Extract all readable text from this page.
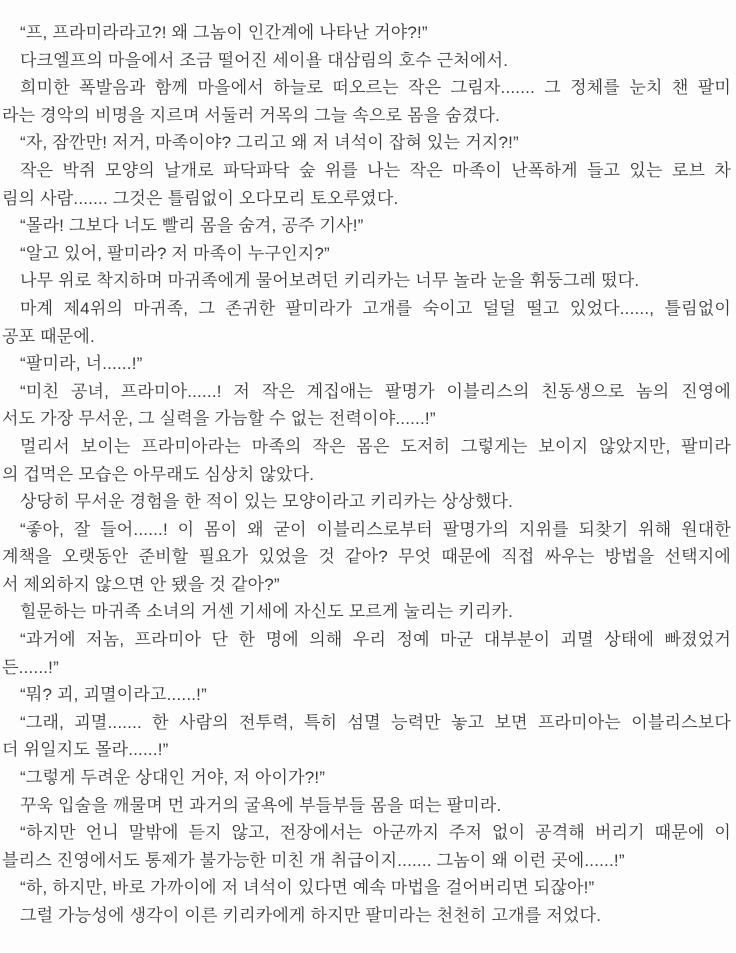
“프, 프라미라라고?! 왜 그놈이 인간계에 나타난 거야?!”
다크엘프의 마을에서 조금 떨어진 세이욜 대삼림의 호수 근처에서.
희미한 폭발음과 함께 마을에서 하늘로 떠오르는 작은 그림자....... 그 정체를 눈치 챈 팔미
라는 경악의 비명을 지르며 서둘러 거목의 그늘 속으로 몸을 숨겼다.
“자, 잠깐만! 저거, 마족이야? 그리고 왜 저 녀석이 잡혀 있는 거지?!”
작은 박쥐 모양의 날개로 파닥파닥 숲 위를 나는 작은 마족이 난폭하게 들고 있는 로브 차
림의 사람....... 그것은 틀림없이 오다모리 토오루였다.
“몰라! 그보다 너도 빨리 몸을 숨겨, 공주 기사!”
“알고 있어, 팔미라? 저 마족이 누구인지?”
나무 위로 착지하며 마귀족에게 물어보려던 키리카는 너무 놀라 눈을 휘둥그레 떴다.
마계 제4위의 마귀족, 그 존귀한 팔미라가 고개를 숙이고 덜덜 떨고 있었다......, 틀림없이
공포 때문에.
“팔미라, 너......!”
“미친 공녀, 프라미아......! 저 작은 계집애는 팔명가 이블리스의 친동생으로 놈의 진영에
서도 가장 무서운, 그 실력을 가늠할 수 없는 전력이야......!”
멀리서 보이는 프라미아라는 마족의 작은 몸은 도저히 그렇게는 보이지 않았지만, 팔미라
의 겁먹은 모습은 아무래도 심상치 않았다.
상당히 무서운 경험을 한 적이 있는 모양이라고 키리카는 상상했다.
“좋아, 잘 들어......! 이 몸이 왜 굳이 이블리스로부터 팔명가의 지위를 되찾기 위해 원대한
계책을 오랫동안 준비할 필요가 있었을 것 같아? 무엇 때문에 직접 싸우는 방법을 선택지에
서 제외하지 않으면 안 됐을 것 같아?”
힐문하는 마귀족 소녀의 거센 기세에 자신도 모르게 눌리는 키리카.
“과거에 저놈, 프라미아 단 한 명에 의해 우리 정예 마군 대부분이 괴멸 상태에 빠졌었거
든......!”
“뭐? 괴, 괴멸이라고......!”
“그래, 괴멸....... 한 사람의 전투력, 특히 섬멸 능력만 놓고 보면 프라미아는 이블리스보다
더 위일지도 몰라......!”
“그렇게 두려운 상대인 거야, 저 아이가?!”
꾸욱 입술을 깨물며 먼 과거의 굴욕에 부들부들 몸을 떠는 팔미라.
“하지만 언니 말밖에 듣지 않고, 전장에서는 아군까지 주저 없이 공격해 버리기 때문에 이
블리스 진영에서도 통제가 불가능한 미친 개 취급이지....... 그놈이 왜 이런 곳에......!”
“하, 하지만, 바로 가까이에 저 녀석이 있다면 예속 마법을 걸어버리면 되잖아!”
그럴 가능성에 생각이 이른 키리카에게 하지만 팔미라는 천천히 고개를 저었다.
